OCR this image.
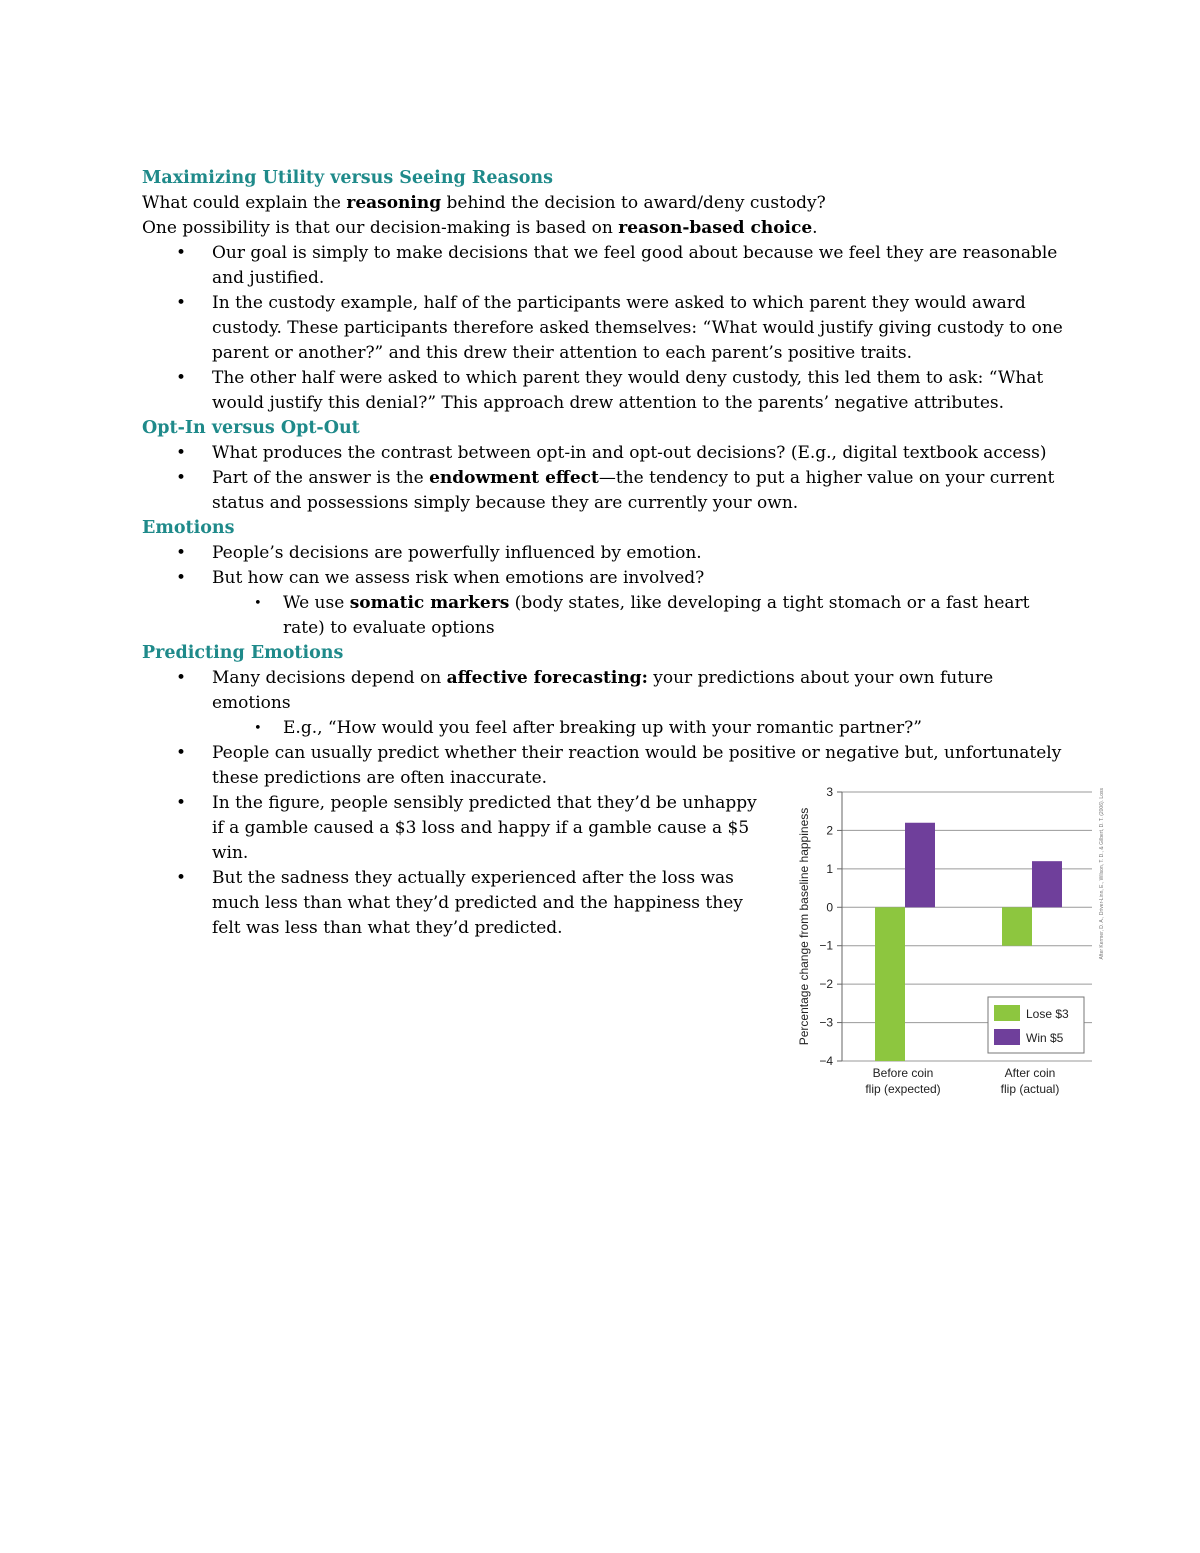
Maximizing Utility versus Seeing Reasons

What could explain the reasoning behind the decision to award/deny custody?

One possibility is that our decision-making is based on reason-based choice.

• Our goal is simply to make decisions that we feel good about because we feel they are reasonable and justified.
• In the custody example, half of the participants were asked to which parent they would award custody. These participants therefore asked themselves: “What would justify giving custody to one parent or another?” and this drew their attention to each parent’s positive traits.
• The other half were asked to which parent they would deny custody, this led them to ask: “What would justify this denial?” This approach drew attention to the parents’ negative attributes.
Opt-In versus Opt-Out
• What produces the contrast between opt-in and opt-out decisions? (E.g., digital textbook access)
• Part of the answer is the endowment effect—the tendency to put a higher value on your current status and possessions simply because they are currently your own.
Emotions
• People’s decisions are powerfully influenced by emotion.
• But how can we assess risk when emotions are involved?
• We use somatic markers (body states, like developing a tight stomach or a fast heart rate) to evaluate options
Predicting Emotions
• Many decisions depend on affective forecasting: your predictions about your own future emotions
• E.g., “How would you feel after breaking up with your romantic partner?”
• People can usually predict whether their reaction would be positive or negative but, unfortunately these predictions are often inaccurate.
• In the figure, people sensibly predicted that they’d be unhappy if a gamble caused a $3 loss and happy if a gamble cause a $5 win.
• But the sadness they actually experienced after the loss was much less than what they’d predicted and the happiness they felt was less than what they’d predicted.
3
2
1
0
−1
−2
−3
−4
Percentage change from baseline happiness
Before coin
flip (expected)
After coin
flip (actual)
Lose $3
Win $5
After Kermer, D. A., Driver-Linn, E., Wilson, T. D., & Gilbert, D. T. (2006). Loss
